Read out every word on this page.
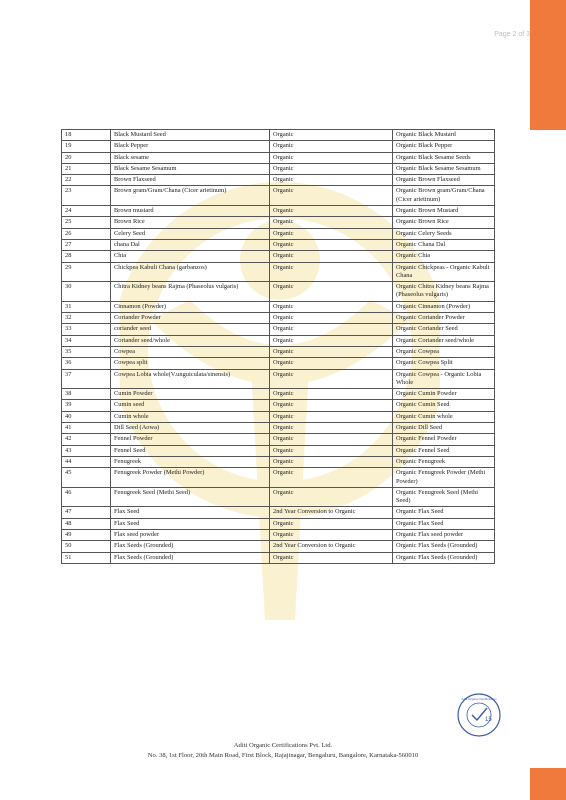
Page 2 of 3
18	Black Mustard Seed	Organic	Organic Black Mustard
19	Black Pepper	Organic	Organic Black Pepper
20	Black sesame	Organic	Organic Black Sesame Seeds
21	Black Sesame Sesamum	Organic	Organic Black Sesame Sesamum
22	Brown Flaxseed	Organic	Organic Brown Flaxseed
23	Brown gram/Gram/Chana (Cicer arietinum)	Organic	Organic Brown gram/Gram/Chana (Cicer arietinum)
24	Brown mustard	Organic	Organic Brown Mustard
25	Brown Rice	Organic	Organic Brown Rice
26	Celery Seed	Organic	Organic Celery Seeds
27	chana Dal	Organic	Organic Chana Dal
28	Chia	Organic	Organic Chia
29	Chickpea Kabuli Chana (garbanzos)	Organic	Organic Chickpeas - Organic Kabuli Chana
30	Chitra Kidney beans Rajma (Phaseolus vulgaris)	Organic	Organic Chitra Kidney beans Rajma (Phaseolus vulgaris)
31	Cinnamon (Powder)	Organic	Organic Cinnamon (Powder)
32	Coriander Powder	Organic	Organic Coriander Powder
33	coriander seed	Organic	Organic Coriander Seed
34	Coriander seed/whole	Organic	Organic Coriander seed/whole
35	Cowpea	Organic	Organic Cowpea
36	Cowpea split	Organic	Organic Cowpea Split
37	Cowpea Lobia whole(V.unguiculata/sinensis)	Organic	Organic Cowpea - Organic Lobia Whole
38	Cumin Powder	Organic	Organic Cumin Powder
39	Cumin seed	Organic	Organic Cumin Seed
40	Cumin whole	Organic	Organic Cumin whole
41	Dill Seed (Aowa)	Organic	Organic Dill Seed
42	Fennel Powder	Organic	Organic Fennel Powder
43	Fennel Seed	Organic	Organic Fennel Seed
44	Fenugreek	Organic	Organic Fenugreek
45	Fenugreek Powder (Methi Powder)	Organic	Organic Fenugreek Powder (Methi Powder)
46	Fenugreek Seed (Methi Seed)	Organic	Organic Fenugreek Seed (Methi Seed)
47	Flax Seed	2nd Year Conversion to Organic	Organic Flax Seed
48	Flax Seed	Organic	Organic Flax Seed
49	Flax seed powder	Organic	Organic Flax seed powder
50	Flax Seeds (Grounded)	2nd Year Conversion to Organic	Organic Flax Seeds (Grounded)
51	Flax Seeds (Grounded)	Organic	Organic Flax Seeds (Grounded)
15
Aditi Organic Certifications
Aditi Organic Certifications Pvt. Ltd.
No. 38, 1st Floor, 20th Main Road, First Block, Rajajinagar, Bengaluru, Bangalore, Karnataka-560010
